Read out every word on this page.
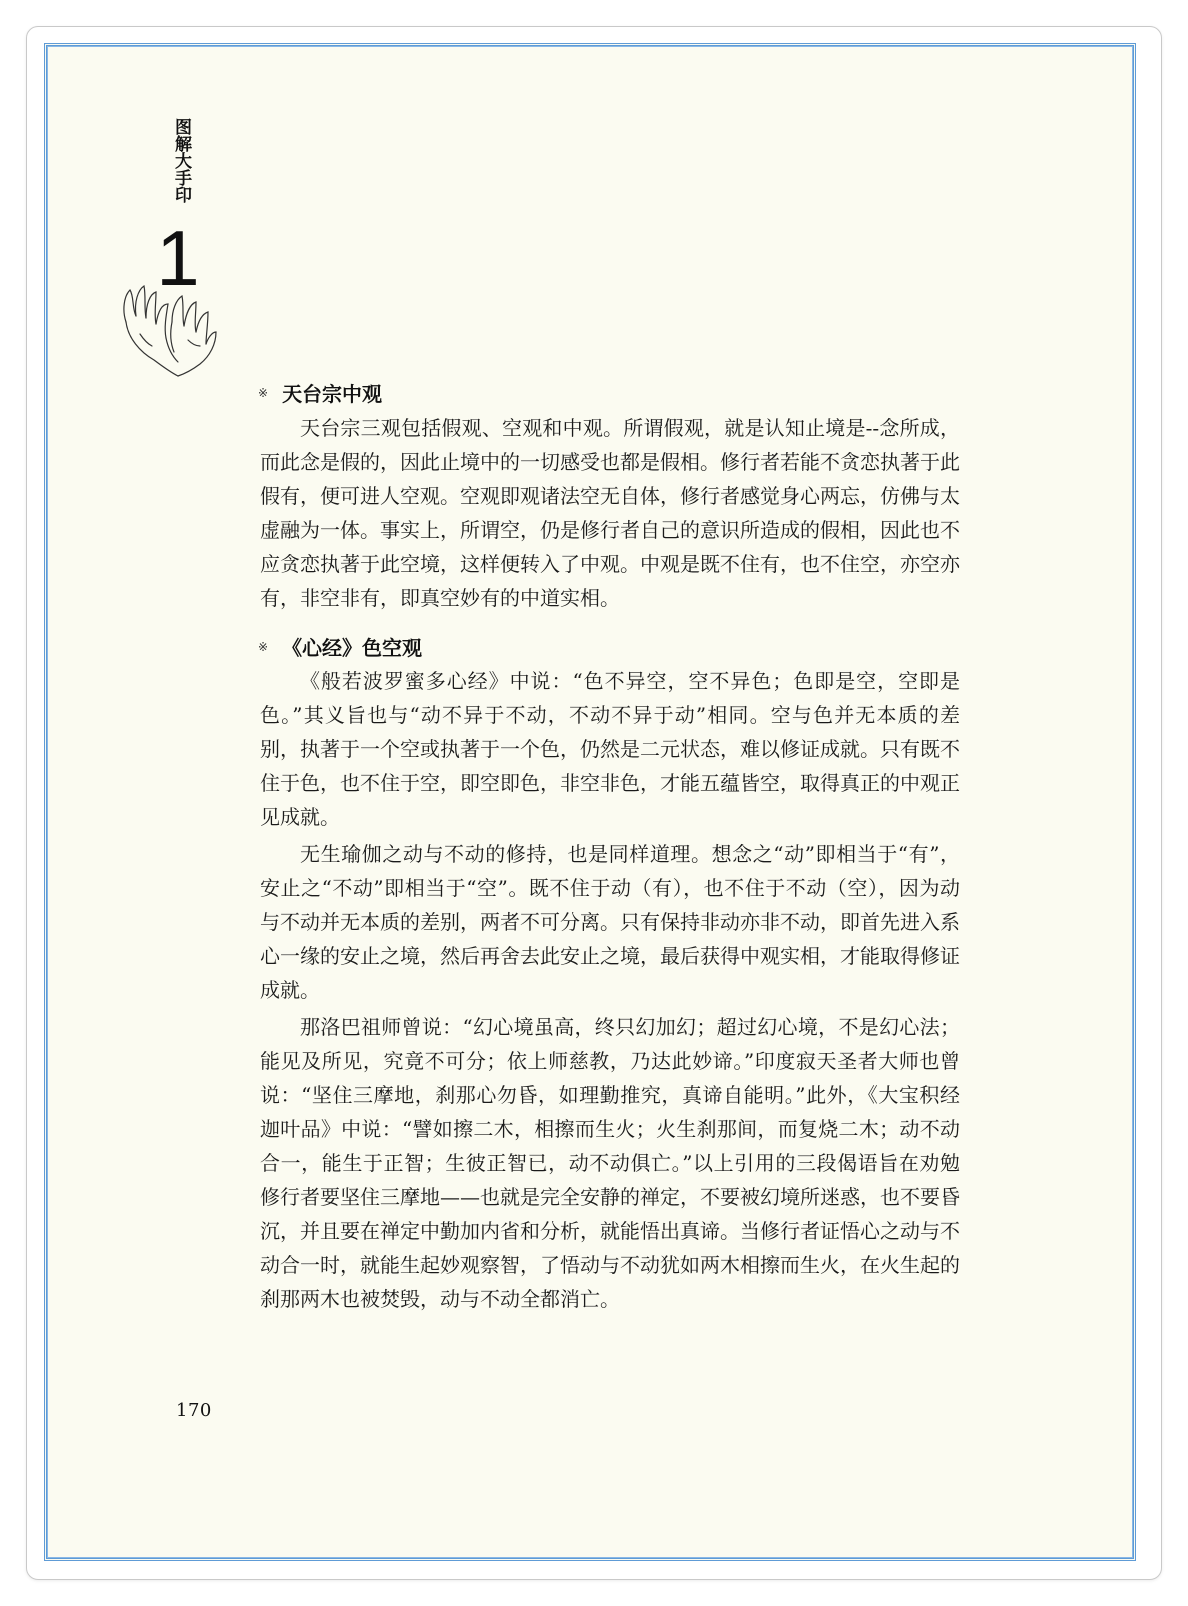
图解大手印
1
※ 天台宗中观

天台宗三观包括假观、空观和中观。所谓假观，就是认知止境是--念所成，而此念是假的，因此止境中的一切感受也都是假相。修行者若能不贪恋执著于此假有，便可进人空观。空观即观诸法空无自体，修行者感觉身心两忘，仿佛与太虚融为一体。事实上，所谓空，仍是修行者自己的意识所造成的假相，因此也不应贪恋执著于此空境，这样便转入了中观。中观是既不住有，也不住空，亦空亦有，非空非有，即真空妙有的中道实相。

※ 《心经》色空观

《般若波罗蜜多心经》中说：“色不异空，空不异色；色即是空，空即是色。”其义旨也与“动不异于不动，不动不异于动”相同。空与色并无本质的差别，执著于一个空或执著于一个色，仍然是二元状态，难以修证成就。只有既不住于色，也不住于空，即空即色，非空非色，才能五蕴皆空，取得真正的中观正见成就。

无生瑜伽之动与不动的修持，也是同样道理。想念之“动”即相当于“有”，安止之“不动”即相当于“空”。既不住于动（有），也不住于不动（空），因为动与不动并无本质的差别，两者不可分离。只有保持非动亦非不动，即首先进入系心一缘的安止之境，然后再舍去此安止之境，最后获得中观实相，才能取得修证成就。

那洛巴祖师曾说：“幻心境虽高，终只幻加幻；超过幻心境，不是幻心法；能见及所见，究竟不可分；依上师慈教，乃达此妙谛。”印度寂天圣者大师也曾说：“坚住三摩地，刹那心勿昏，如理勤推究，真谛自能明。”此外，《大宝积经迦叶品》中说：“譬如擦二木，相擦而生火；火生刹那间，而复烧二木；动不动合一，能生于正智；生彼正智已，动不动俱亡。”以上引用的三段偈语旨在劝勉修行者要坚住三摩地——也就是完全安静的禅定，不要被幻境所迷惑，也不要昏沉，并且要在禅定中勤加内省和分析，就能悟出真谛。当修行者证悟心之动与不动合一时，就能生起妙观察智，了悟动与不动犹如两木相擦而生火，在火生起的刹那两木也被焚毁，动与不动全都消亡。

170
